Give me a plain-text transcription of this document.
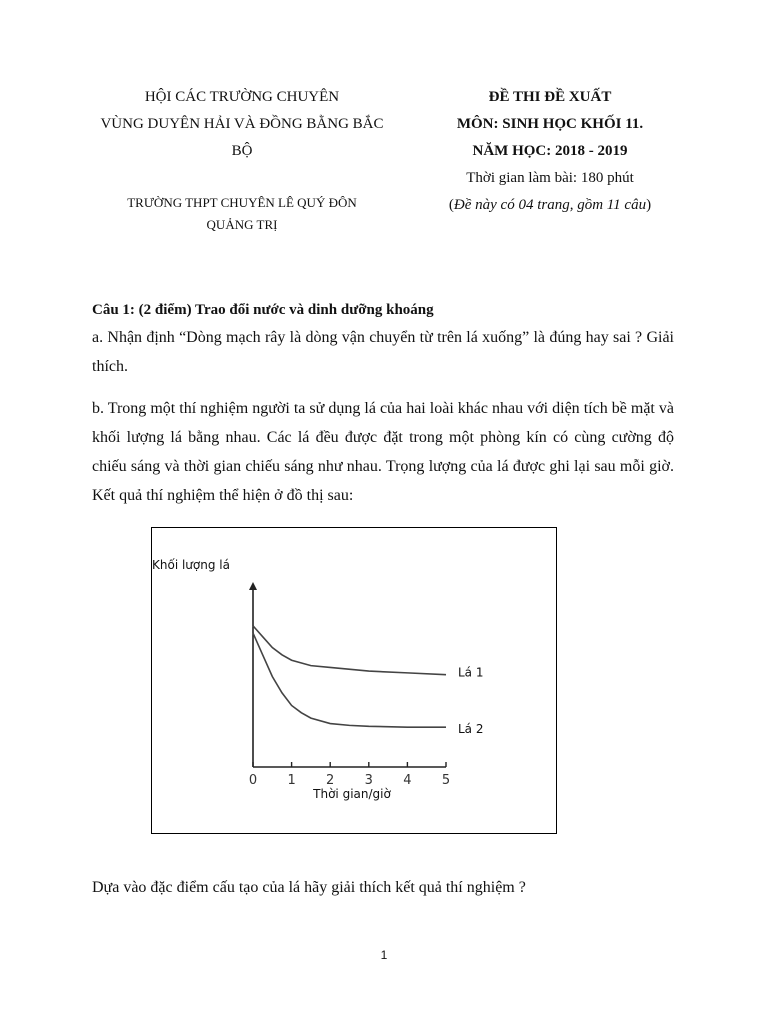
HỘI CÁC TRƯỜNG CHUYÊN
VÙNG DUYÊN HẢI VÀ ĐỒNG BẰNG BẮC
BỘ
TRƯỜNG THPT CHUYÊN LÊ QUÝ ĐÔN
QUẢNG TRỊ
ĐỀ THI ĐỀ XUẤT
MÔN: SINH HỌC KHỐI 11.
NĂM HỌC: 2018 - 2019
Thời gian làm bài: 180 phút
(Đề này có 04 trang, gồm 11 câu)
Câu 1: (2 điểm) Trao đổi nước và dinh dưỡng khoáng
a. Nhận định “Dòng mạch rây là dòng vận chuyển từ trên lá xuống” là đúng hay sai ? Giải thích.
b. Trong một thí nghiệm người ta sử dụng lá của hai loài khác nhau với diện tích bề mặt và khối lượng lá bằng nhau. Các lá đều được đặt trong một phòng kín có cùng cường độ chiếu sáng và thời gian chiếu sáng như nhau. Trọng lượng của lá được ghi lại sau mỗi giờ. Kết quả thí nghiệm thể hiện ở đồ thị sau:
Khối lượng lá
Thời gian/giờ
0 1 2 3 4 5
Lá 1
Lá 2
Dựa vào đặc điểm cấu tạo của lá hãy giải thích kết quả thí nghiệm ?
1
